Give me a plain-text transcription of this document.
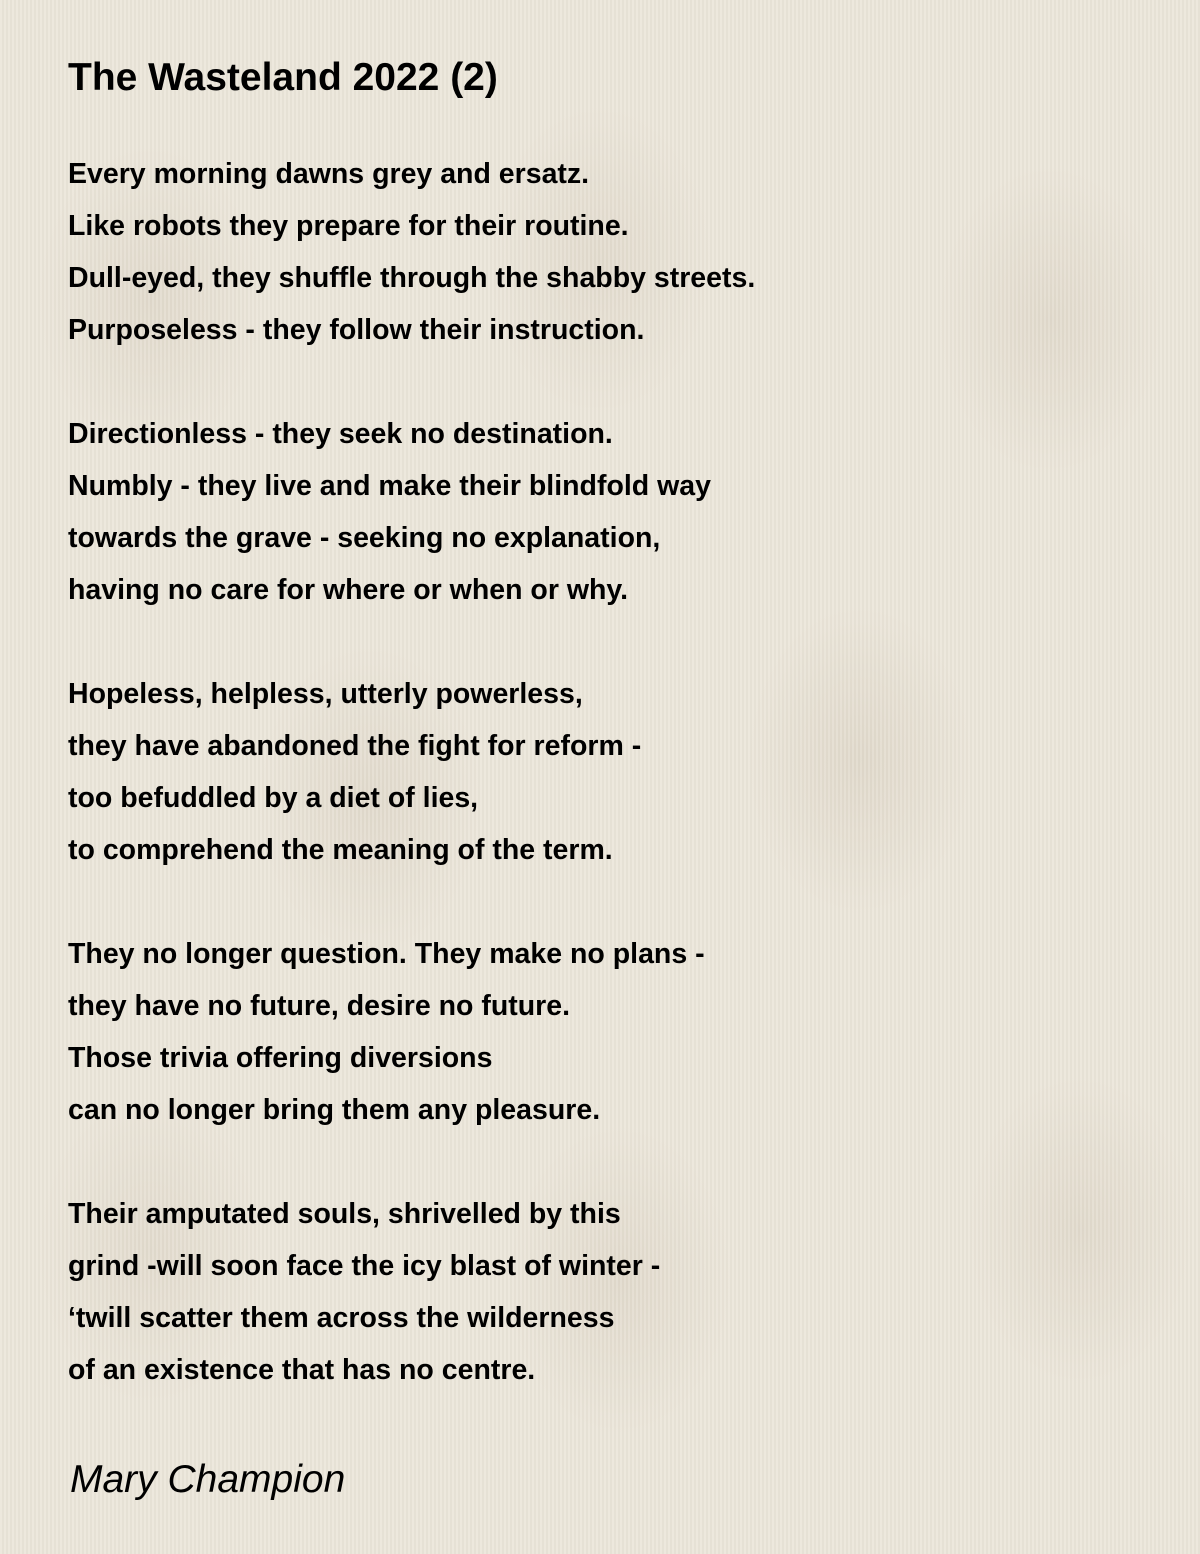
The Wasteland 2022 (2)
Every morning dawns grey and ersatz.
Like robots they prepare for their routine.
Dull-eyed, they shuffle through the shabby streets.
Purposeless - they follow their instruction.
Directionless - they seek no destination.
Numbly - they live and make their blindfold way
towards the grave - seeking no explanation,
having no care for where or when or why.
Hopeless, helpless, utterly powerless,
they have abandoned the fight for reform -
too befuddled by a diet of lies,
to comprehend the meaning of the term.
They no longer question. They make no plans -
they have no future, desire no future.
Those trivia offering diversions
can no longer bring them any pleasure.
Their amputated souls, shrivelled by this
grind -will soon face the icy blast of winter -
‘twill scatter them across the wilderness
of an existence that has no centre.
Mary Champion
